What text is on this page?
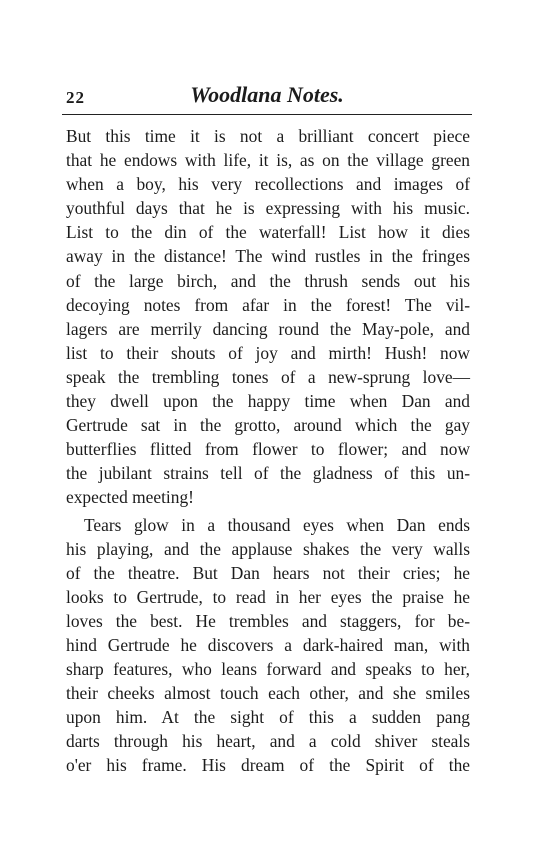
22	Woodlana Notes.
But this time it is not a brilliant concert piece
that he endows with life, it is, as on the village green
when a boy, his very recollections and images of
youthful days that he is expressing with his music.
List to the din of the waterfall! List how it dies
away in the distance! The wind rustles in the fringes
of the large birch, and the thrush sends out his
decoying notes from afar in the forest! The vil-
lagers are merrily dancing round the May-pole, and
list to their shouts of joy and mirth! Hush! now
speak the trembling tones of a new-sprung love—
they dwell upon the happy time when Dan and
Gertrude sat in the grotto, around which the gay
butterflies flitted from flower to flower; and now
the jubilant strains tell of the gladness of this un-
expected meeting!
Tears glow in a thousand eyes when Dan ends
his playing, and the applause shakes the very walls
of the theatre. But Dan hears not their cries; he
looks to Gertrude, to read in her eyes the praise he
loves the best. He trembles and staggers, for be-
hind Gertrude he discovers a dark-haired man, with
sharp features, who leans forward and speaks to her,
their cheeks almost touch each other, and she smiles
upon him. At the sight of this a sudden pang
darts through his heart, and a cold shiver steals
o'er his frame. His dream of the Spirit of the
